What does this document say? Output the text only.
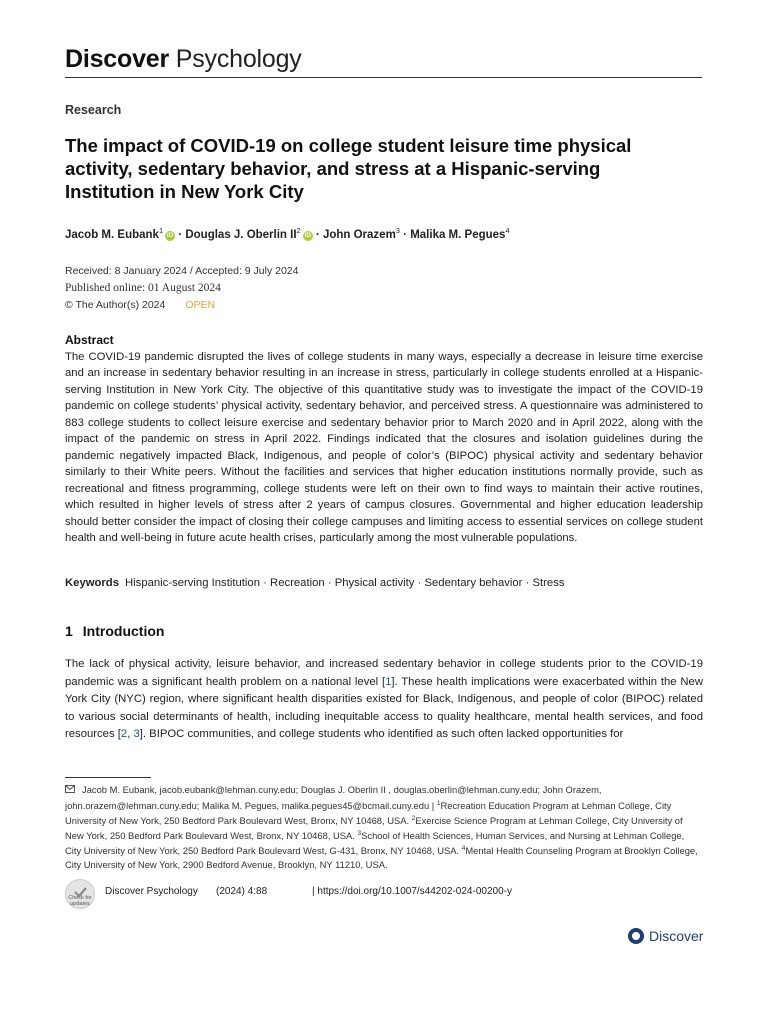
Discover Psychology
Research
The impact of COVID-19 on college student leisure time physical activity, sedentary behavior, and stress at a Hispanic-serving Institution in New York City
Jacob M. Eubank$^1$iD · Douglas J. Oberlin $II^2iD$ · John Orazem$^3$ · Malika M. Pegues$^4$
Received: 8 January 2024 / Accepted: 9 July 2024
Published online: 01 August 2024
© The Author(s) 2024 OPEN
Abstract

The COVID-19 pandemic disrupted the lives of college students in many ways, especially a decrease in leisure time exercise and an increase in sedentary behavior resulting in an increase in stress, particularly in college students enrolled at a Hispanic-serving Institution in New York City. The objective of this quantitative study was to investigate the impact of the COVID-19 pandemic on college students’ physical activity, sedentary behavior, and perceived stress. A questionnaire was administered to 883 college students to collect leisure exercise and sedentary behavior prior to March 2020 and in April 2022, along with the impact of the pandemic on stress in April 2022. Findings indicated that the closures and isolation guidelines during the pandemic negatively impacted Black, Indigenous, and people of color’s (BIPOC) physical activity and sedentary behavior similarly to their White peers. Without the facilities and services that higher education institutions normally provide, such as recreational and fitness programming, college students were left on their own to find ways to maintain their active routines, which resulted in higher levels of stress after 2 years of campus closures. Governmental and higher education leadership should better consider the impact of closing their college campuses and limiting access to essential services on college student health and well-being in future acute health crises, particularly among the most vulnerable populations.

Keywords Hispanic-serving Institution · Recreation · Physical activity · Sedentary behavior · Stress
1 Introduction

The lack of physical activity, leisure behavior, and increased sedentary behavior in college students prior to the COVID-19 pandemic was a significant health problem on a national level [1]. These health implications were exacerbated within the New York City (NYC) region, where significant health disparities existed for Black, Indigenous, and people of color (BIPOC) related to various social determinants of health, including inequitable access to quality healthcare, mental health services, and food resources [2, 3]. BIPOC communities, and college students who identified as such often lacked opportunities for

Jacob M. Eubank, jacob.eubank@lehman.cuny.edu; Douglas J. Oberlin II , douglas.oberlin@lehman.cuny.edu; John Orazem, john.orazem@lehman.cuny.edu; Malika M. Pegues, malika.pegues45@bcmail.cuny.edu | $^1$Recreation Education Program at Lehman College, City University of New York, 250 Bedford Park Boulevard West, Bronx, NY 10468, USA. $^2$Exercise Science Program at Lehman College, City University of New York, 250 Bedford Park Boulevard West, Bronx, NY 10468, USA. $^3$School of Health Sciences, Human Services, and Nursing at Lehman College, City University of New York, 250 Bedford Park Boulevard West, G-431, Bronx, NY 10468, USA. $^4$Mental Health Counseling Program at Brooklyn College, City University of New York, 2900 Bedford Avenue, Brooklyn, NY 11210, USA.

Check for updates
Discover Psychology (2024) 4:88	| https://doi.org/10.1007/s44202-024-00200-y
Discover
